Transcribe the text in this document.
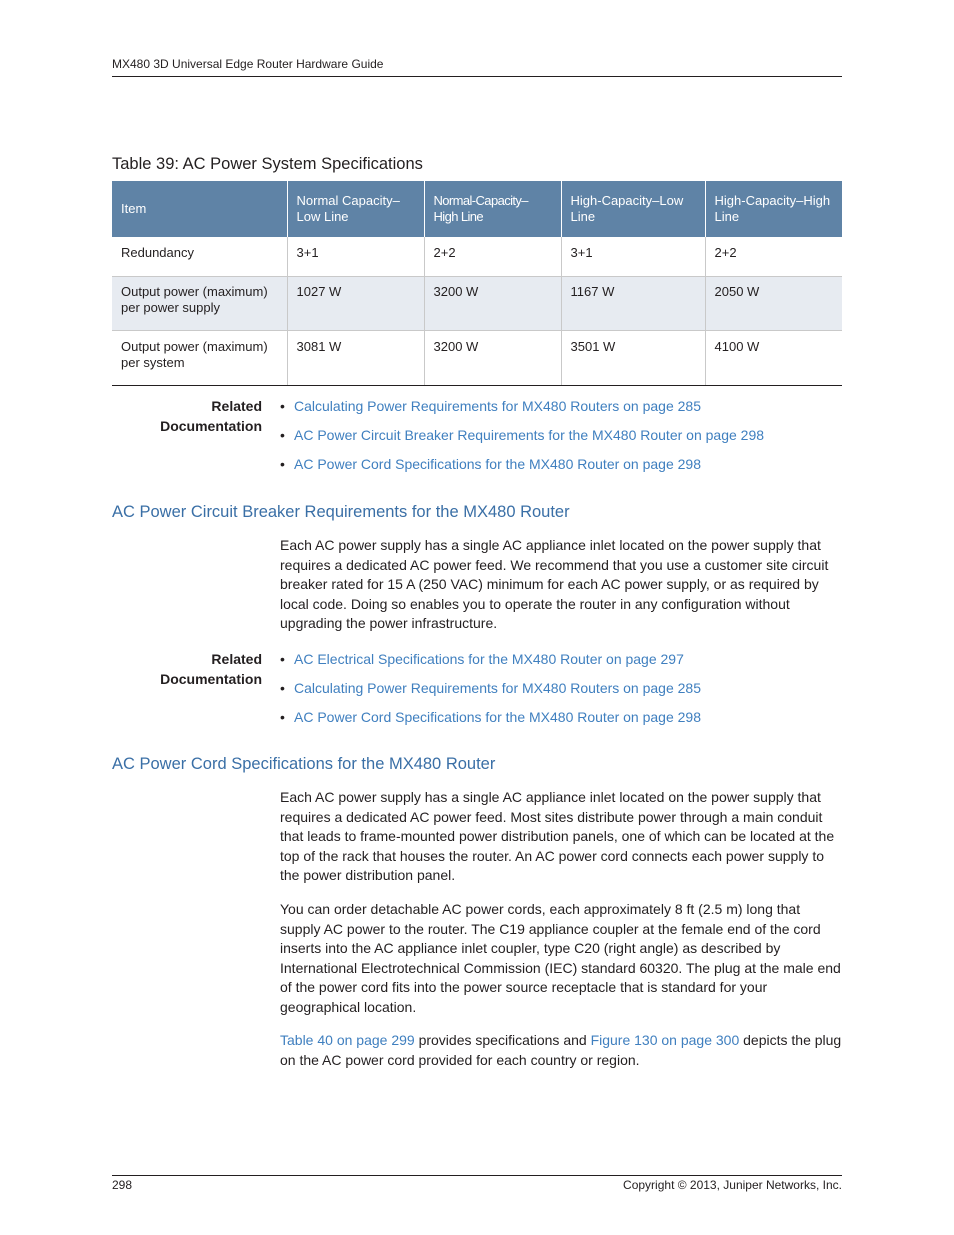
MX480 3D Universal Edge Router Hardware Guide
Table 39: AC Power System Specifications
Item	Normal Capacity–Low Line	Normal-Capacity–High Line	High-Capacity–Low Line	High-Capacity–High Line
Redundancy	3+1	2+2	3+1	2+2
Output power (maximum) per power supply	1027 W	3200 W	1167 W	2050 W
Output power (maximum) per system	3081 W	3200 W	3501 W	4100 W
Related
Documentation
• Calculating Power Requirements for MX480 Routers on page 285
• AC Power Circuit Breaker Requirements for the MX480 Router on page 298
• AC Power Cord Specifications for the MX480 Router on page 298
AC Power Circuit Breaker Requirements for the MX480 Router

Each AC power supply has a single AC appliance inlet located on the power supply that requires a dedicated AC power feed. We recommend that you use a customer site circuit breaker rated for 15 A (250 VAC) minimum for each AC power supply, or as required by local code. Doing so enables you to operate the router in any configuration without upgrading the power infrastructure.

Related
Documentation
• AC Electrical Specifications for the MX480 Router on page 297
• Calculating Power Requirements for MX480 Routers on page 285
• AC Power Cord Specifications for the MX480 Router on page 298
AC Power Cord Specifications for the MX480 Router

Each AC power supply has a single AC appliance inlet located on the power supply that requires a dedicated AC power feed. Most sites distribute power through a main conduit that leads to frame-mounted power distribution panels, one of which can be located at the top of the rack that houses the router. An AC power cord connects each power supply to the power distribution panel.

You can order detachable AC power cords, each approximately 8 ft (2.5 m) long that supply AC power to the router. The C19 appliance coupler at the female end of the cord inserts into the AC appliance inlet coupler, type C20 (right angle) as described by International Electrotechnical Commission (IEC) standard 60320. The plug at the male end of the power cord fits into the power source receptacle that is standard for your geographical location.

Table 40 on page 299 provides specifications and Figure 130 on page 300 depicts the plug on the AC power cord provided for each country or region.

298	Copyright © 2013, Juniper Networks, Inc.
